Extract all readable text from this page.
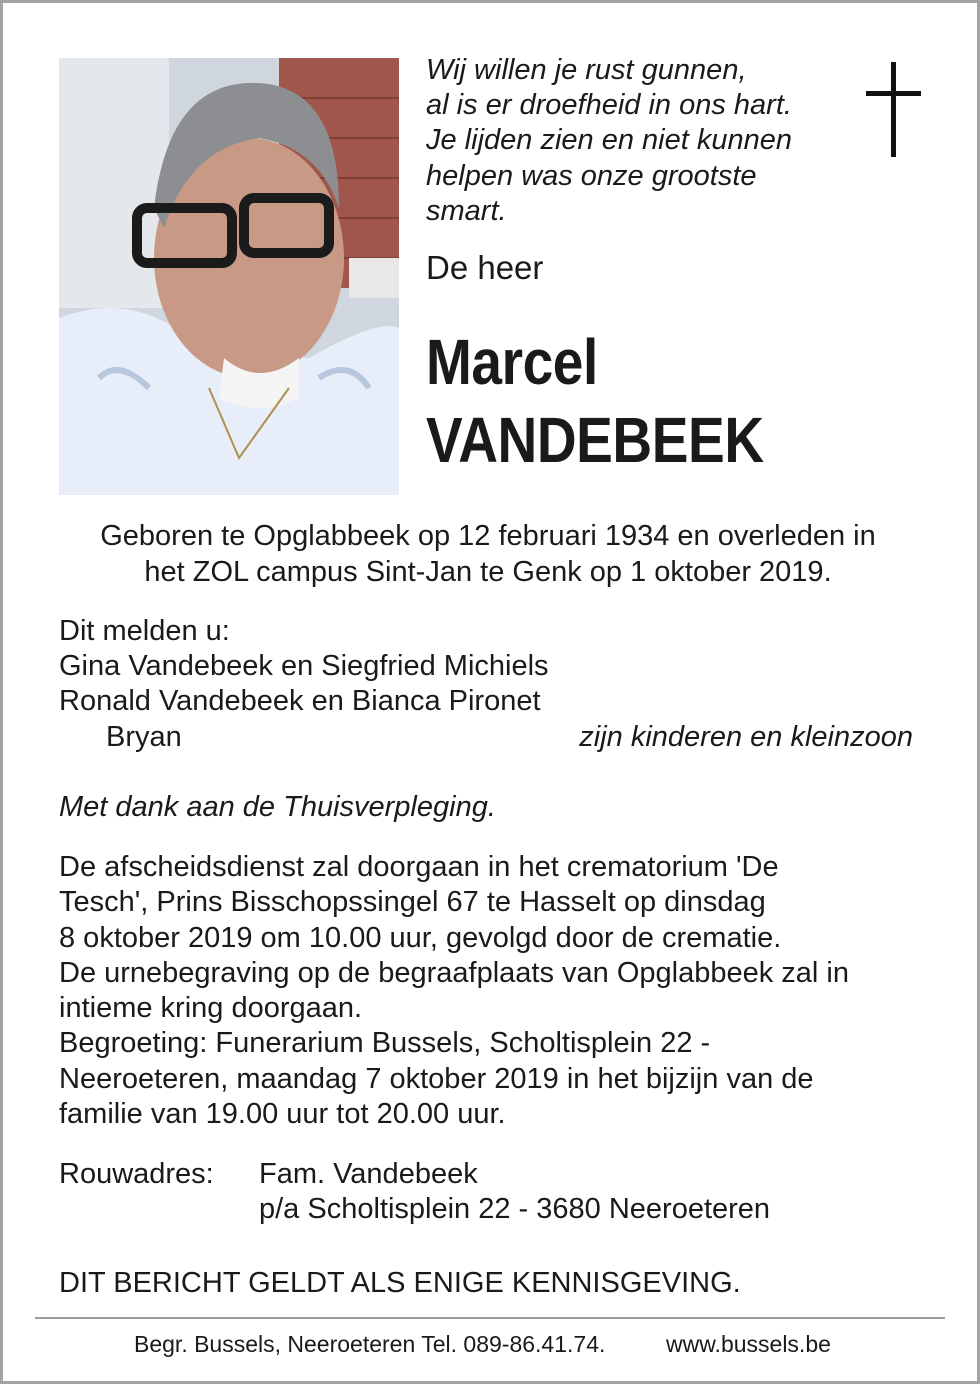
Wij willen je rust gunnen,
al is er droefheid in ons hart.
Je lijden zien en niet kunnen
helpen was onze grootste
smart.
De heer
Marcel
VANDEBEEK
Geboren te Opglabbeek op 12 februari 1934 en overleden in
het ZOL campus Sint-Jan te Genk op 1 oktober 2019.
Dit melden u:
Gina Vandebeek en Siegfried Michiels
Ronald Vandebeek en Bianca Pironet
Bryan	zijn kinderen en kleinzoon
Met dank aan de Thuisverpleging.
De afscheidsdienst zal doorgaan in het crematorium 'De
Tesch', Prins Bisschopssingel 67 te Hasselt op dinsdag
8 oktober 2019 om 10.00 uur, gevolgd door de crematie.
De urnebegraving op de begraafplaats van Opglabbeek zal in
intieme kring doorgaan.
Begroeting: Funerarium Bussels, Scholtisplein 22 -
Neeroeteren, maandag 7 oktober 2019 in het bijzijn van de
familie van 19.00 uur tot 20.00 uur.
Rouwadres: Fam. Vandebeek
p/a Scholtisplein 22 - 3680 Neeroeteren
DIT BERICHT GELDT ALS ENIGE KENNISGEVING.
Begr. Bussels, Neeroeteren Tel. 089-86.41.74.	www.bussels.be
